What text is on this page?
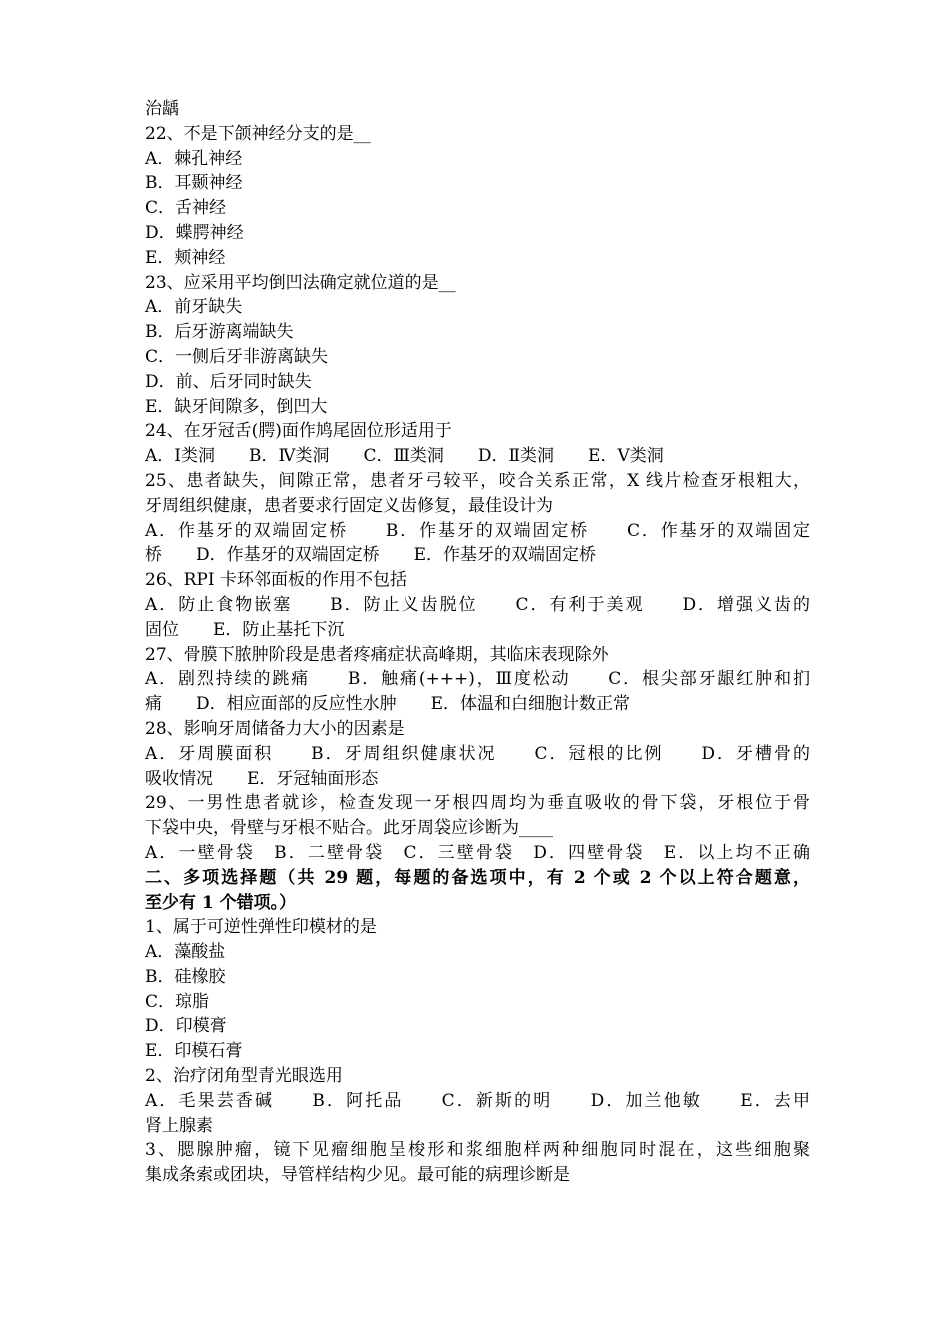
治龋
22、不是下颌神经分支的是__
A．棘孔神经
B．耳颞神经
C．舌神经
D．蝶腭神经
E．颊神经
23、应采用平均倒凹法确定就位道的是__
A．前牙缺失
B．后牙游离端缺失
C．一侧后牙非游离缺失
D．前、后牙同时缺失
E．缺牙间隙多，倒凹大
24、在牙冠舌(腭)面作鸠尾固位形适用于
A．Ⅰ类洞　　B．Ⅳ类洞　　C．Ⅲ类洞　　D．Ⅱ类洞　　E．Ⅴ类洞
25、患者缺失，间隙正常，患者牙弓较平，咬合关系正常，X 线片检查牙根粗大，
牙周组织健康，患者要求行固定义齿修复，最佳设计为
A．作基牙的双端固定桥　　B．作基牙的双端固定桥　　C．作基牙的双端固定
桥　　D．作基牙的双端固定桥　　E．作基牙的双端固定桥
26、RPI 卡环邻面板的作用不包括
A．防止食物嵌塞　　B．防止义齿脱位　　C．有利于美观　　D．增强义齿的
固位　　E．防止基托下沉
27、骨膜下脓肿阶段是患者疼痛症状高峰期，其临床表现除外
A．剧烈持续的跳痛　　B．触痛(+++)，Ⅲ度松动　　C．根尖部牙龈红肿和扪
痛　　D．相应面部的反应性水肿　　E．体温和白细胞计数正常
28、影响牙周储备力大小的因素是
A．牙周膜面积　　B．牙周组织健康状况　　C．冠根的比例　　D．牙槽骨的
吸收情况　　E．牙冠轴面形态
29、一男性患者就诊，检查发现一牙根四周均为垂直吸收的骨下袋，牙根位于骨
下袋中央，骨壁与牙根不贴合。此牙周袋应诊断为____
A．一壁骨袋　B．二壁骨袋　C．三壁骨袋　D．四壁骨袋　E．以上均不正确
二、多项选择题（共 29 题，每题的备选项中，有 2 个或 2 个以上符合题意，
至少有 1 个错项。）
1、属于可逆性弹性印模材的是
A．藻酸盐
B．硅橡胶
C．琼脂
D．印模膏
E．印模石膏
2、治疗闭角型青光眼选用
A．毛果芸香碱　　B．阿托品　　C．新斯的明　　D．加兰他敏　　E．去甲
肾上腺素
3、腮腺肿瘤，镜下见瘤细胞呈梭形和浆细胞样两种细胞同时混在，这些细胞聚
集成条索或团块，导管样结构少见。最可能的病理诊断是
